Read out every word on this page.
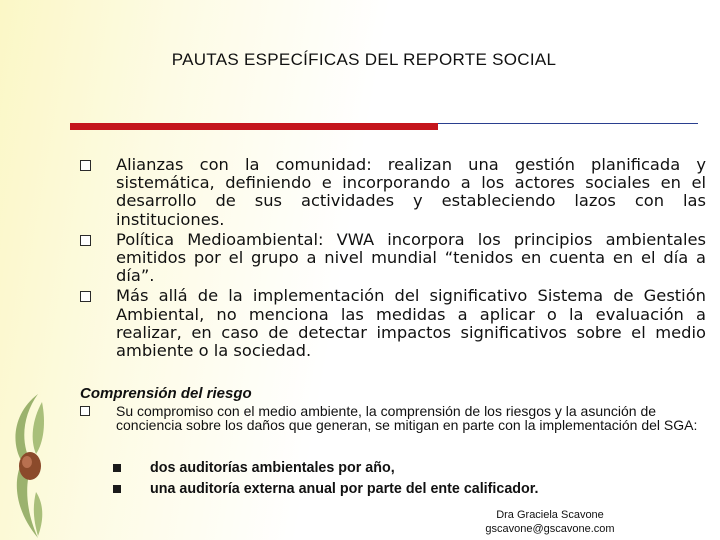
PAUTAS ESPECÍFICAS DEL REPORTE SOCIAL
Alianzas con la comunidad: realizan una gestión planificada y sistemática, definiendo e incorporando a los actores sociales en el desarrollo de sus actividades y estableciendo lazos con las instituciones.
Política Medioambiental: VWA incorpora los principios ambientales emitidos por el grupo a nivel mundial “tenidos en cuenta en el día a día”.
Más allá de la implementación del significativo Sistema de Gestión Ambiental, no menciona las medidas a aplicar o la evaluación a realizar, en caso de detectar impactos significativos sobre el medio ambiente o la sociedad.
Comprensión del riesgo
Su compromiso con el medio ambiente, la comprensión de los riesgos y la asunción de conciencia sobre los daños que generan, se mitigan en parte con la implementación del SGA:
dos auditorías ambientales por año,
una auditoría externa anual por parte del ente calificador.
Dra Graciela Scavone
gscavone@gscavone.com
